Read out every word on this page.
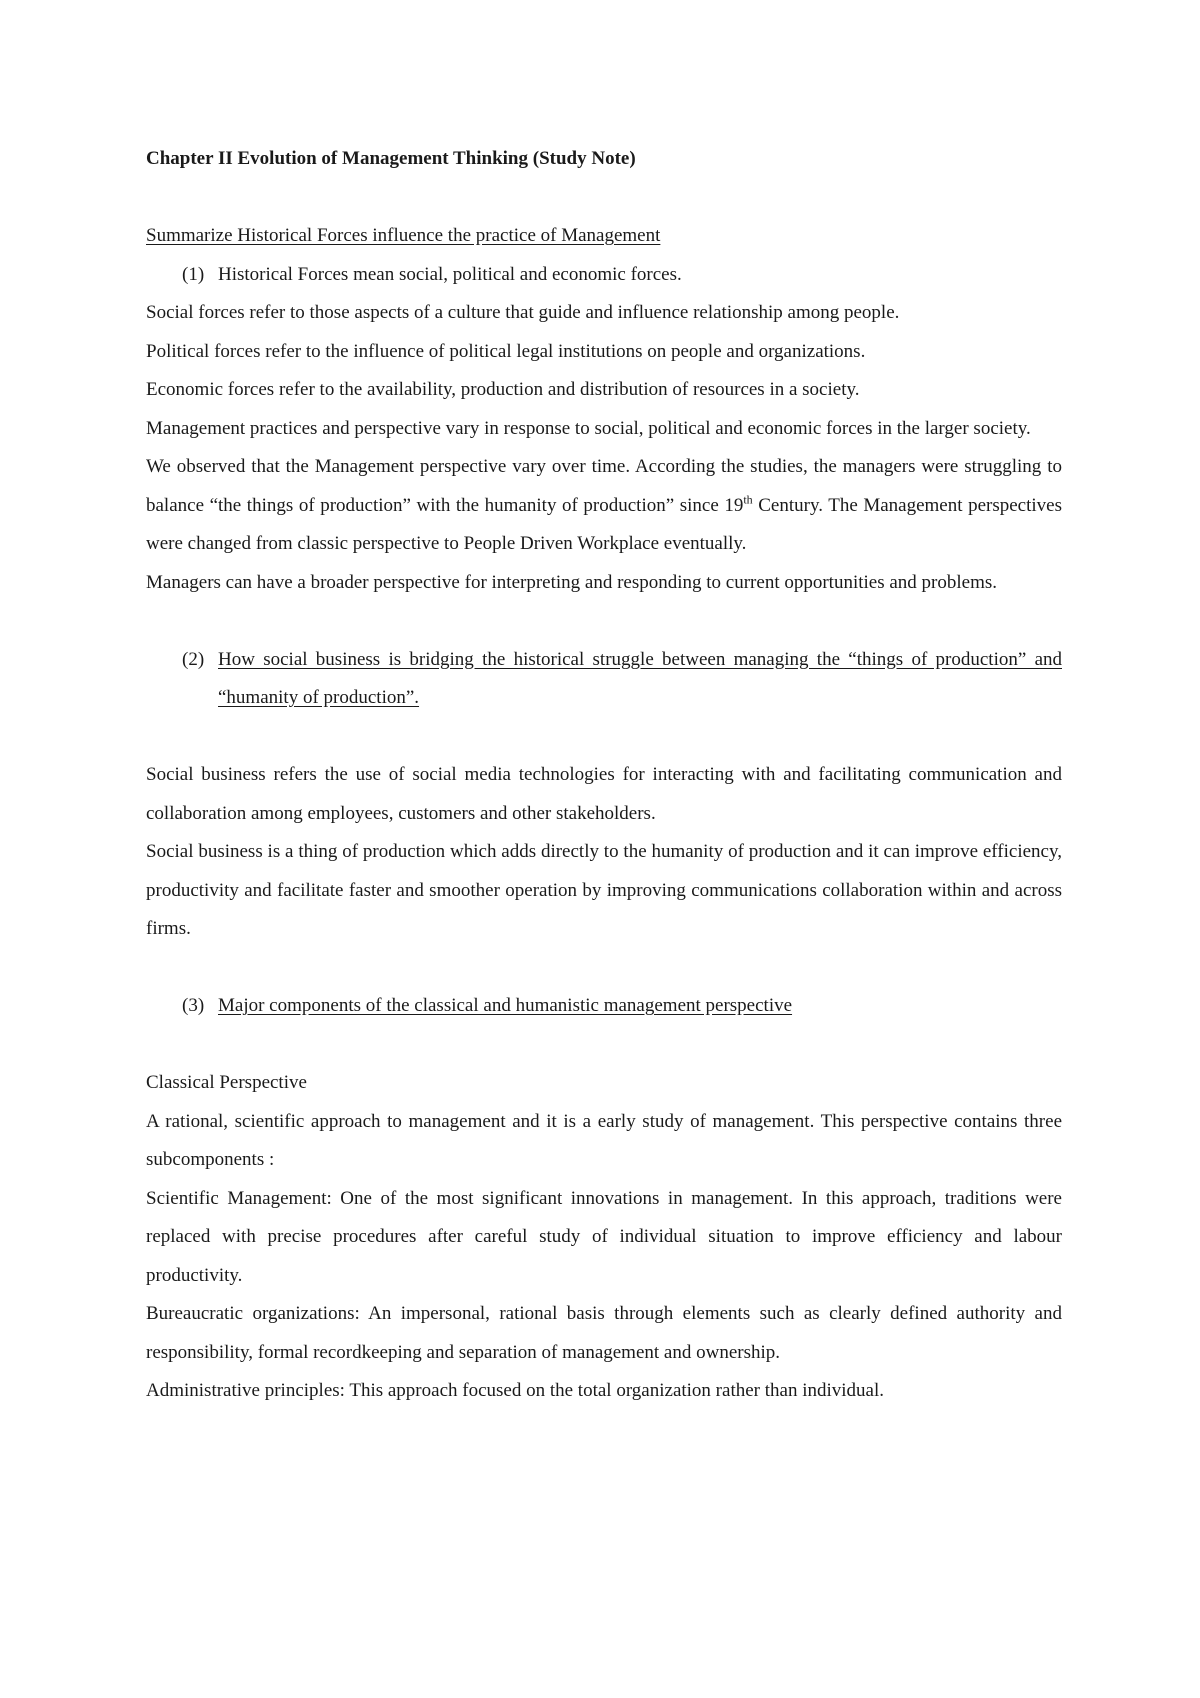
Chapter II Evolution of Management Thinking (Study Note)

Summarize Historical Forces influence the practice of Management

(1) Historical Forces mean social, political and economic forces.

Social forces refer to those aspects of a culture that guide and influence relationship among people.

Political forces refer to the influence of political legal institutions on people and organizations.

Economic forces refer to the availability, production and distribution of resources in a society.

Management practices and perspective vary in response to social, political and economic forces in the larger society.

We observed that the Management perspective vary over time. According the studies, the managers were struggling to balance “the things of production” with the humanity of production” since 19th Century. The Management perspectives were changed from classic perspective to People Driven Workplace eventually.

Managers can have a broader perspective for interpreting and responding to current opportunities and problems.

(2) How social business is bridging the historical struggle between managing the “things of production” and “humanity of production”.

Social business refers the use of social media technologies for interacting with and facilitating communication and collaboration among employees, customers and other stakeholders.

Social business is a thing of production which adds directly to the humanity of production and it can improve efficiency, productivity and facilitate faster and smoother operation by improving communications collaboration within and across firms.

(3) Major components of the classical and humanistic management perspective

Classical Perspective

A rational, scientific approach to management and it is a early study of management. This perspective contains three subcomponents :

Scientific Management: One of the most significant innovations in management. In this approach, traditions were replaced with precise procedures after careful study of individual situation to improve efficiency and labour productivity.

Bureaucratic organizations: An impersonal, rational basis through elements such as clearly defined authority and responsibility, formal recordkeeping and separation of management and ownership.

Administrative principles: This approach focused on the total organization rather than individual.
